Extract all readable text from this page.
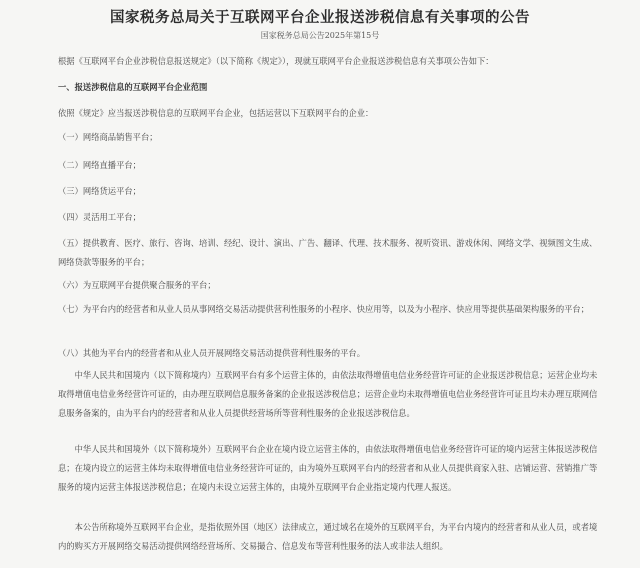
国家税务总局关于互联网平台企业报送涉税信息有关事项的公告
国家税务总局公告2025年第15号
根据《互联网平台企业涉税信息报送规定》（以下简称《规定》），现就互联网平台企业报送涉税信息有关事项公告如下：
一、报送涉税信息的互联网平台企业范围
依照《规定》应当报送涉税信息的互联网平台企业，包括运营以下互联网平台的企业：
（一）网络商品销售平台；
（二）网络直播平台；
（三）网络货运平台；
（四）灵活用工平台；
（五）提供教育、医疗、旅行、咨询、培训、经纪、设计、演出、广告、翻译、代理、技术服务、视听资讯、游戏休闲、网络文学、视频图文生成、网络贷款等服务的平台；
（六）为互联网平台提供聚合服务的平台；
（七）为平台内的经营者和从业人员从事网络交易活动提供营利性服务的小程序、快应用等，以及为小程序、快应用等提供基础架构服务的平台；
（八）其他为平台内的经营者和从业人员开展网络交易活动提供营利性服务的平台。
中华人民共和国境内（以下简称境内）互联网平台有多个运营主体的，由依法取得增值电信业务经营许可证的企业报送涉税信息；运营企业均未取得增值电信业务经营许可证的，由办理互联网信息服务备案的企业报送涉税信息；运营企业均未取得增值电信业务经营许可证且均未办理互联网信息服务备案的，由为平台内的经营者和从业人员提供经营场所等营利性服务的企业报送涉税信息。
中华人民共和国境外（以下简称境外）互联网平台企业在境内设立运营主体的，由依法取得增值电信业务经营许可证的境内运营主体报送涉税信息；在境内设立的运营主体均未取得增值电信业务经营许可证的，由为境外互联网平台内的经营者和从业人员提供商家入驻、店铺运营、营销推广等服务的境内运营主体报送涉税信息；在境内未设立运营主体的，由境外互联网平台企业指定境内代理人报送。
本公告所称境外互联网平台企业，是指依照外国（地区）法律成立，通过域名在境外的互联网平台，为平台内境内的经营者和从业人员，或者境内的购买方开展网络交易活动提供网络经营场所、交易撮合、信息发布等营利性服务的法人或非法人组织。
